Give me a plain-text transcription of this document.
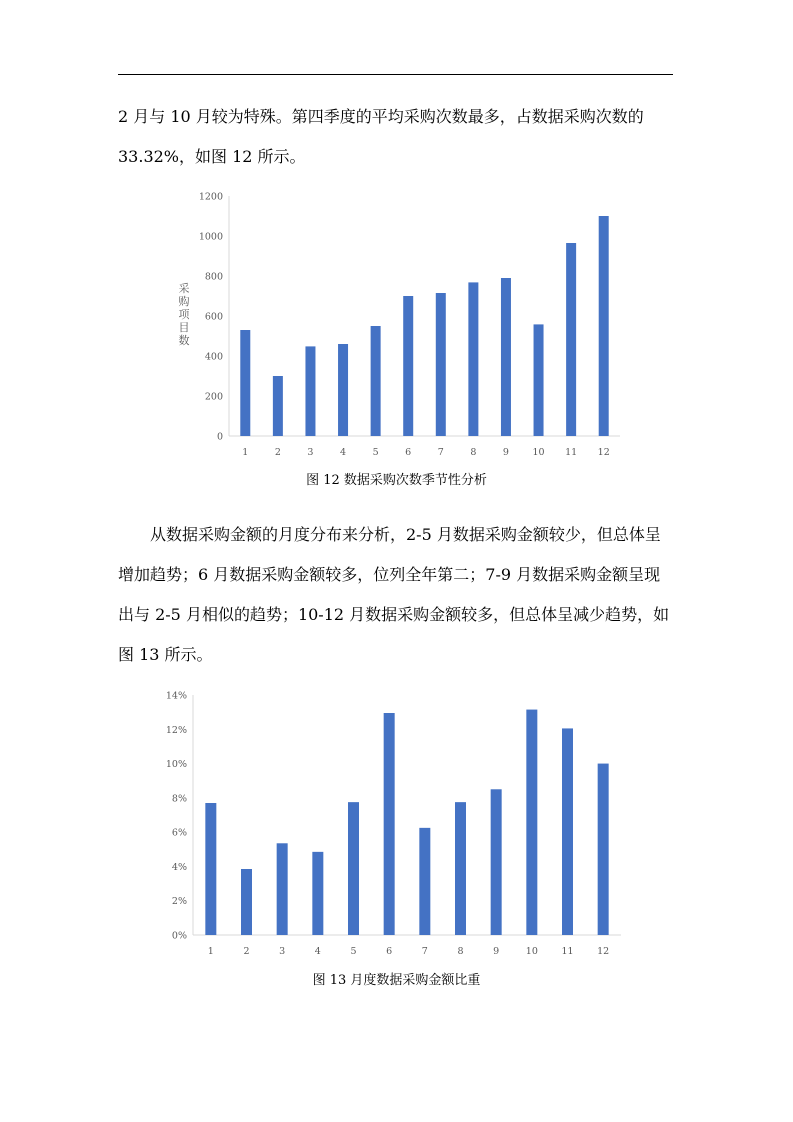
2 月与 10 月较为特殊。第四季度的平均采购次数最多，占数据采购次数的 33.32%，如图 12 所示。

0
200
400
600
800
1000
1200
1	2	3	4	5	6	7	8	9 10 11 12
采购项目数
图 12 数据采购次数季节性分析

从数据采购金额的月度分布来分析，2-5 月数据采购金额较少，但总体呈增加趋势；6 月数据采购金额较多，位列全年第二；7-9 月数据采购金额呈现出与 2-5 月相似的趋势；10-12 月数据采购金额较多，但总体呈减少趋势，如图 13 所示。

0%
2%
4%
6%
8%
10%
12%
14%
1	2	3	4	5	6	7	8	9	10 11 12
图 13 月度数据采购金额比重
